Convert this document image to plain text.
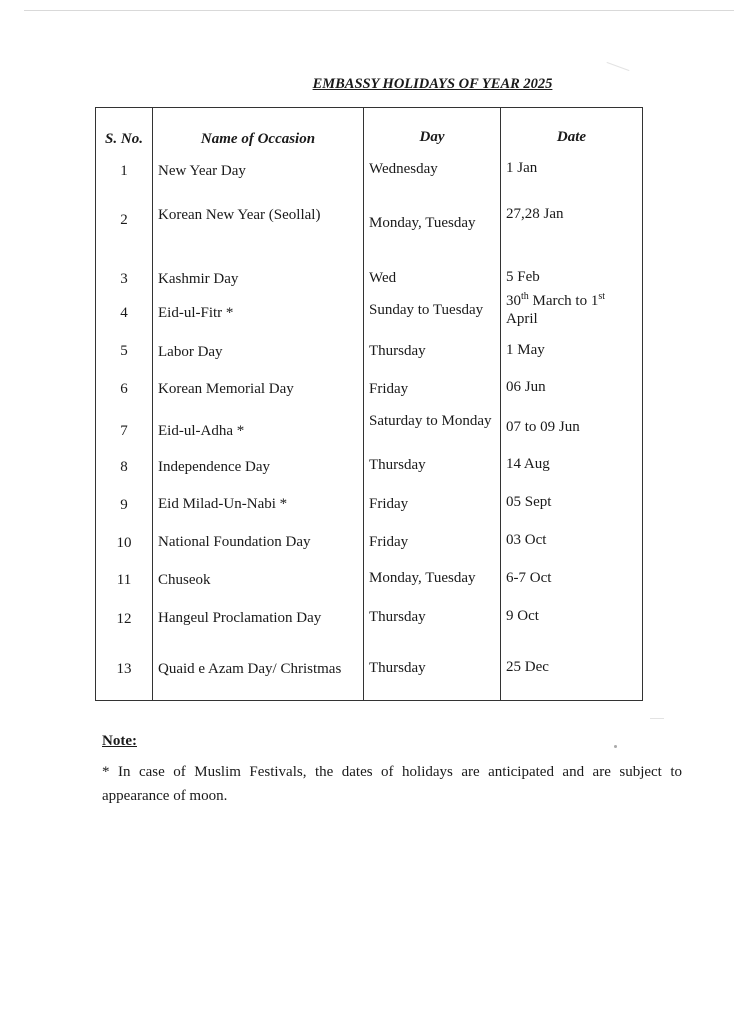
EMBASSY HOLIDAYS OF YEAR 2025
S. No.	Name of Occasion	Day	Date
1	New Year Day	Wednesday	1 Jan
2	Korean New Year (Seollal)	Monday, Tuesday	27,28 Jan
3	Kashmir Day	Wed	5 Feb
4	Eid-ul-Fitr *	Sunday to Tuesday	30th March to 1st
April
5	Labor Day	Thursday	1 May
6	Korean Memorial Day	Friday	06 Jun
7	Eid-ul-Adha *	Saturday to Monday	07 to 09 Jun
8	Independence Day	Thursday	14 Aug
9	Eid Milad-Un-Nabi *	Friday	05 Sept
10	National Foundation Day	Friday	03 Oct
11	Chuseok	Monday, Tuesday	6-7 Oct
12	Hangeul Proclamation Day	Thursday	9 Oct
13	Quaid e Azam Day/ Christmas	Thursday	25 Dec
Note:
* In case of Muslim Festivals, the dates of holidays are anticipated and are subject to appearance of moon.
